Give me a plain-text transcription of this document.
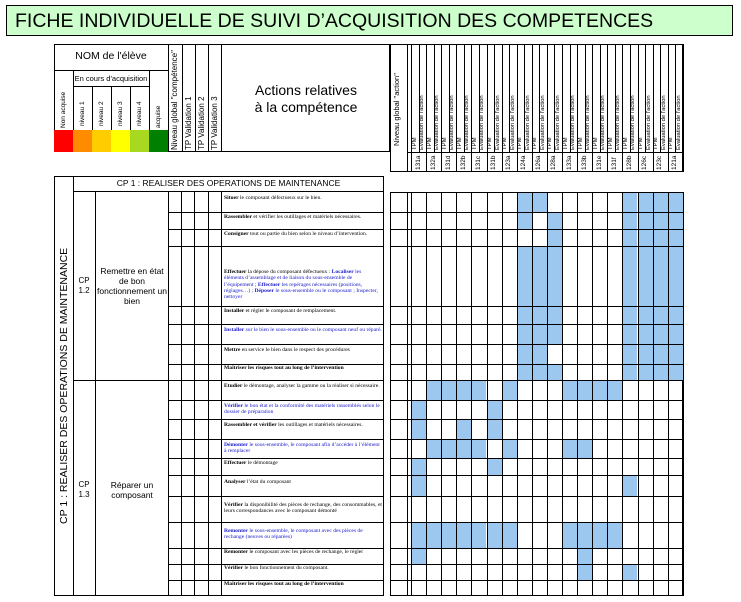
FICHE INDIVIDUELLE DE SUIVI D’ACQUISITION DES COMPETENCES
NOM de l'élève
En cours d'acquisition
Non acquise niveau 1 niveau 2 niveau 3 niveau 4 acquise Niveau global "compétence" TP Validation 1 TP Validation 2 TP Validation 3
Actions relatives
à la compétence	Niveau global "action" TPM Evaluation de l'action
131a
TPM Evaluation de l'action
132a
TPM Evaluation de l'action
131d
TPM Evaluation de l'action
132b
TPM Evaluation de l'action
131c
TPM Evaluation de l'action
131b
TPM Evaluation de l'action
123a
TPM Evaluation de l'action
124a
TPM Evaluation de l'action
126a
TPM Evaluation de l'action
128a
TPM Evaluation de l'action
133a
TPM Evaluation de l'action
133b
TPM Evaluation de l'action
131e
TPM Evaluation de l'action
131f
TPM Evaluation de l'action
128b
TPM Evaluation de l'action
126c
TPM Evaluation de l'action
123c
TPM Evaluation de l'action
121a
CP 1 : REALISER DES OPERATIONS DE MAINTENANCE
CP 1 : REALISER DES OPERATIONS DE MAINTENANCE
CP
1.2
Remettre en état
de bon
fonctionnement un
bien
CP
1.3
Réparer un
composant
Situer le composant défectueux sur le bien.
Rassembler et vérifier les outillages et matériels nécessaires.
Consigner tout ou partie du bien selon le niveau d’intervention.
Effectuer la dépose du composant défectueux : Localiser les éléments d’assemblage et de liaison du sous-ensemble de l’équipement ; Effectuer les repérages nécessaires (positions, réglages…) ; Déposer le sous-ensemble ou le composant ; Inspecter, nettoyer
Installer et régler le composant de remplacement.
Installer sur le bien le sous-ensemble ou le composant neuf ou réparé.
Mettre en service le bien dans le respect des procédures
Maîtriser les risques tout au long de l’intervention
Etudier le démontage, analyser la gamme ou la réaliser si nécessaire.
Vérifier le bon état et la conformité des matériels rassemblés selon le dossier de préparation
Rassembler et vérifier les outillages et matériels nécessaires.
Démonter le sous-ensemble, le composant afin d’accéder à l’élément à remplacer
Effectuer le démontage
Analyser l’état du composant
Vérifier la disponibilité des pièces de rechange, des consommables, et leurs correspondances avec le composant démonté
Remonter le sous-ensemble, le composant avec des pièces de rechange (neuves ou réparées)
Remonter le composant avec les pièces de rechange, le régler
Vérifier le bon fonctionnement du composant.
Maîtriser les risques tout au long de l’intervention
